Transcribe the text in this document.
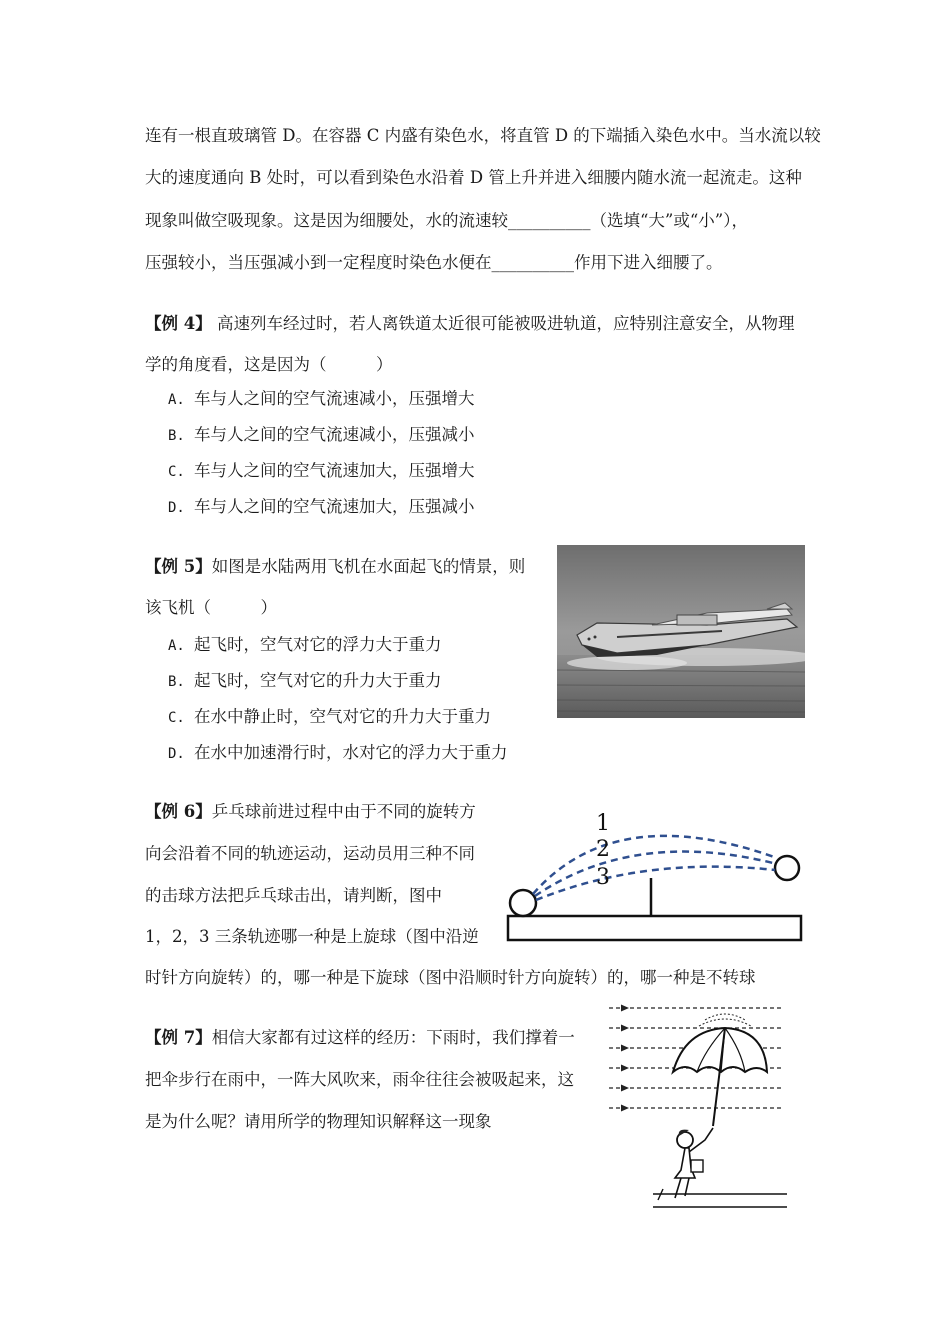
连有一根直玻璃管 D。在容器 C 内盛有染色水，将直管 D 的下端插入染色水中。当水流以较
大的速度通向 B 处时，可以看到染色水沿着 D 管上升并进入细腰内随水流一起流走。这种
现象叫做空吸现象。这是因为细腰处，水的流速较__________（选填“大”或“小”），
压强较小，当压强减小到一定程度时染色水便在__________作用下进入细腰了。
【例 4】 高速列车经过时，若人离铁道太近很可能被吸进轨道，应特别注意安全，从物理
学的角度看，这是因为（　　　）
A. 车与人之间的空气流速减小，压强增大
B. 车与人之间的空气流速减小，压强减小
C. 车与人之间的空气流速加大，压强增大
D. 车与人之间的空气流速加大，压强减小
【例 5】如图是水陆两用飞机在水面起飞的情景，则
该飞机（　　　）
A. 起飞时，空气对它的浮力大于重力
B. 起飞时，空气对它的升力大于重力
C. 在水中静止时，空气对它的升力大于重力
D. 在水中加速滑行时，水对它的浮力大于重力
【例 6】乒乓球前进过程中由于不同的旋转方
向会沿着不同的轨迹运动，运动员用三种不同
的击球方法把乒乓球击出，请判断，图中
1，2，3 三条轨迹哪一种是上旋球（图中沿逆
时针方向旋转）的，哪一种是下旋球（图中沿顺时针方向旋转）的，哪一种是不转球
1
2
3
【例 7】相信大家都有过这样的经历：下雨时，我们撑着一
把伞步行在雨中，一阵大风吹来，雨伞往往会被吸起来，这
是为什么呢？请用所学的物理知识解释这一现象
